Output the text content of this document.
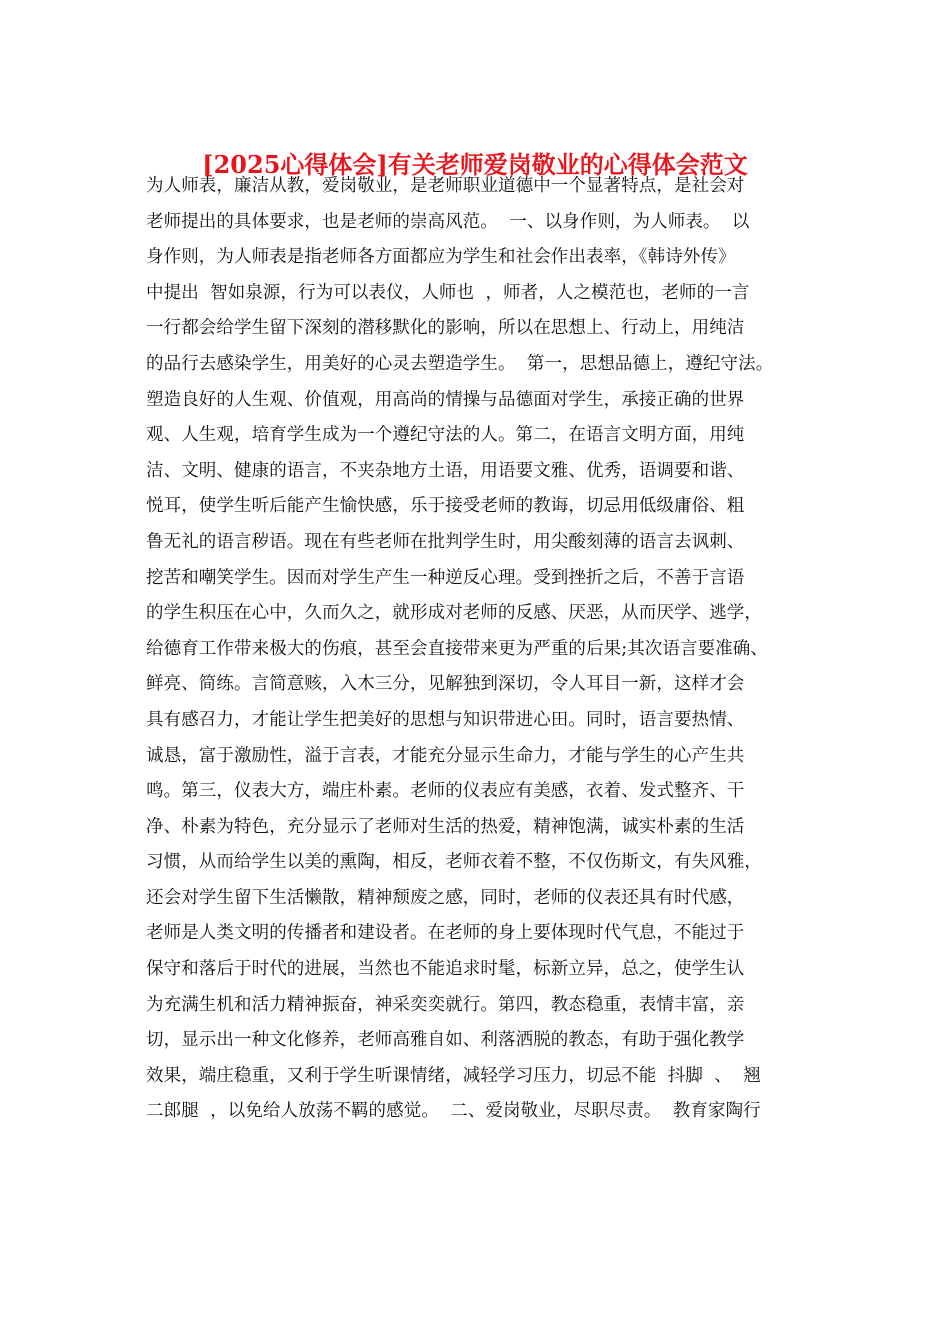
[2025心得体会]有关老师爱岗敬业的心得体会范文
为人师表，廉洁从教，爱岗敬业，是老师职业道德中一个显著特点，是社会对
老师提出的具体要求，也是老师的崇高风范。  一、以身作则，为人师表。  以
身作则，为人师表是指老师各方面都应为学生和社会作出表率，《韩诗外传》
中提出  智如泉源，行为可以表仪，人师也  ，师者，人之模范也，老师的一言
一行都会给学生留下深刻的潜移默化的影响，所以在思想上、行动上，用纯洁
的品行去感染学生，用美好的心灵去塑造学生。  第一，思想品德上，遵纪守法。
塑造良好的人生观、价值观，用高尚的情操与品德面对学生，承接正确的世界
观、人生观，培育学生成为一个遵纪守法的人。第二，在语言文明方面，用纯
洁、文明、健康的语言，不夹杂地方土语，用语要文雅、优秀，语调要和谐、
悦耳，使学生听后能产生愉快感，乐于接受老师的教诲，切忌用低级庸俗、粗
鲁无礼的语言秽语。现在有些老师在批判学生时，用尖酸刻薄的语言去讽刺、
挖苦和嘲笑学生。因而对学生产生一种逆反心理。受到挫折之后，不善于言语
的学生积压在心中，久而久之，就形成对老师的反感、厌恶，从而厌学、逃学，
给德育工作带来极大的伤痕，甚至会直接带来更为严重的后果;其次语言要准确、
鲜亮、简练。言简意赅，入木三分，见解独到深切，令人耳目一新，这样才会
具有感召力，才能让学生把美好的思想与知识带进心田。同时，语言要热情、
诚恳，富于激励性，溢于言表，才能充分显示生命力，才能与学生的心产生共
鸣。第三，仪表大方，端庄朴素。老师的仪表应有美感，衣着、发式整齐、干
净、朴素为特色，充分显示了老师对生活的热爱，精神饱满，诚实朴素的生活
习惯，从而给学生以美的熏陶，相反，老师衣着不整，不仅伤斯文，有失风雅，
还会对学生留下生活懒散，精神颓废之感，同时，老师的仪表还具有时代感，
老师是人类文明的传播者和建设者。在老师的身上要体现时代气息，不能过于
保守和落后于时代的进展，当然也不能追求时髦，标新立异，总之，使学生认
为充满生机和活力精神振奋，神采奕奕就行。第四，教态稳重，表情丰富，亲
切，显示出一种文化修养，老师高雅自如、利落洒脱的教态，有助于强化教学
效果，端庄稳重，又利于学生听课情绪，减轻学习压力，切忌不能  抖脚  、  翘
二郎腿  ，以免给人放荡不羁的感觉。  二、爱岗敬业，尽职尽责。  教育家陶行
